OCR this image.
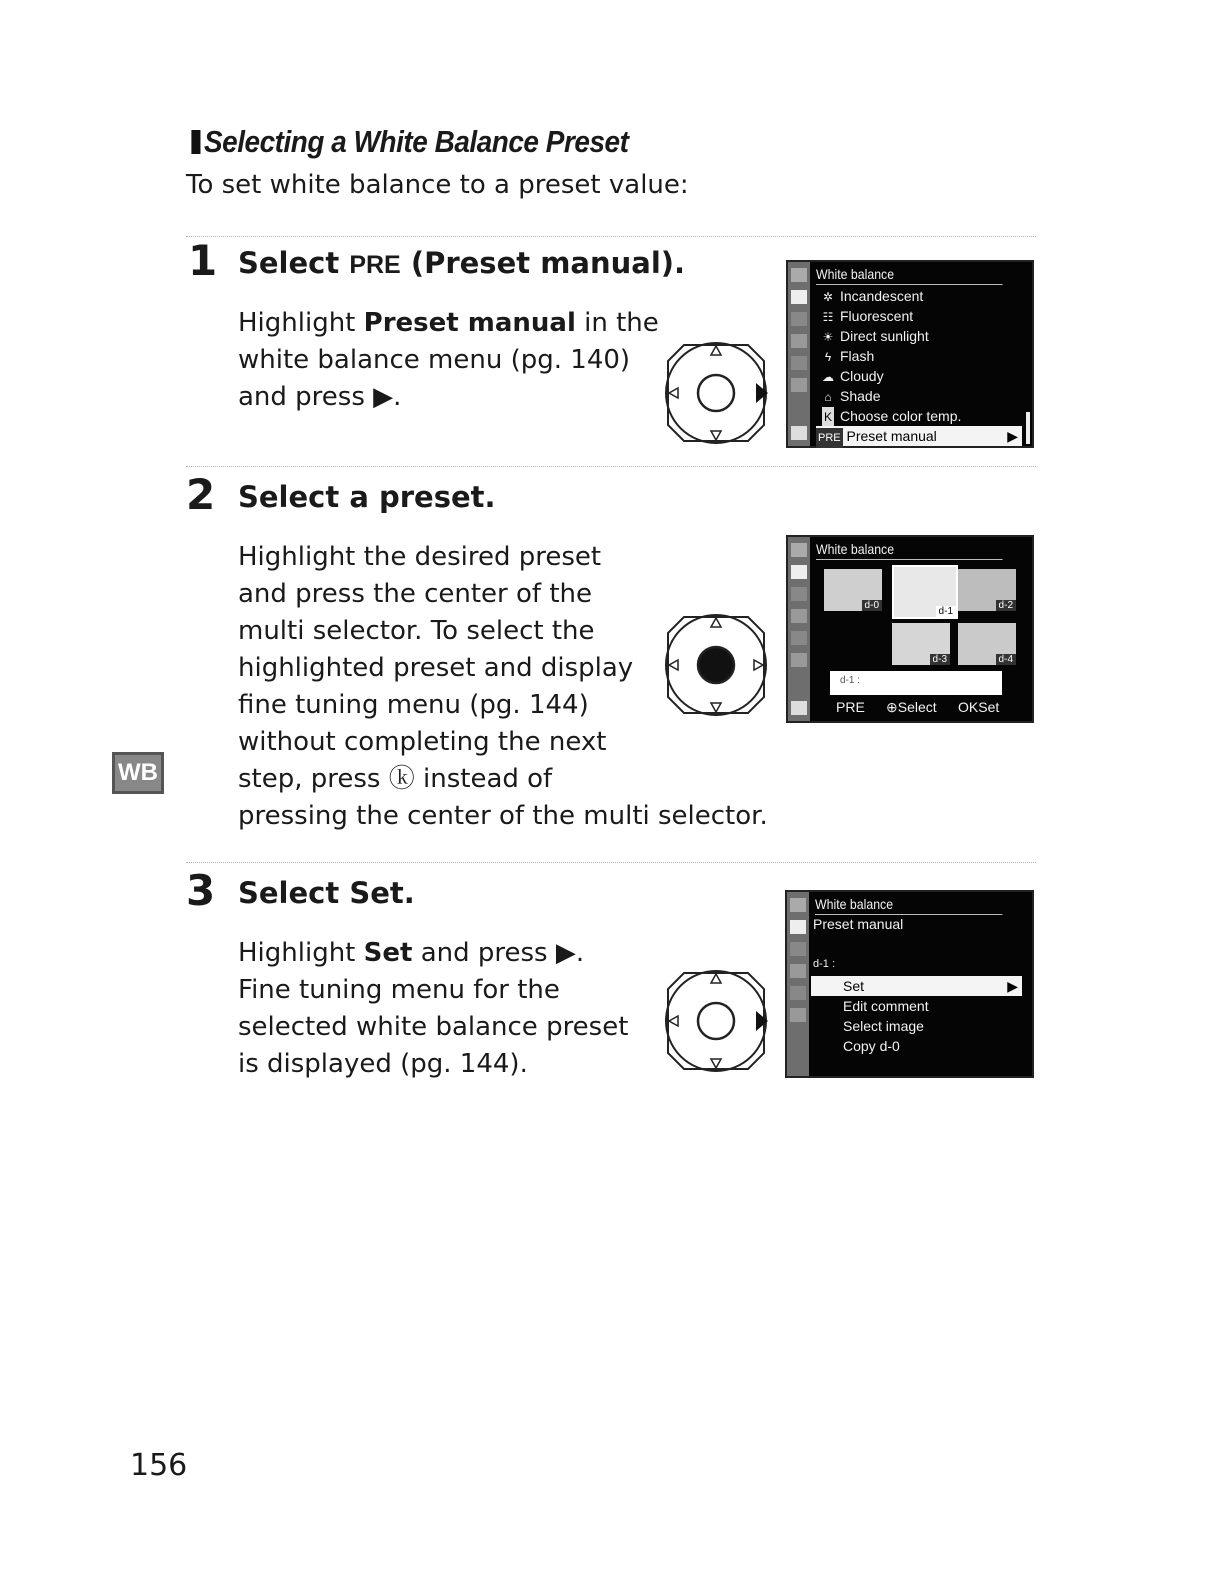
Selecting a White Balance Preset
To set white balance to a preset value:
1 Select PRE (Preset manual).

Highlight Preset manual in the

white balance menu (pg. 140)

and press ▶.

White balance
✲ Incandescent
☷ Fluorescent
☀ Direct sunlight
ϟ Flash
☁ Cloudy
⌂ Shade
K Choose color temp.
PRE Preset manual	▶
2 Select a preset.

Highlight the desired preset

and press the center of the

multi selector. To select the

highlighted preset and display

fine tuning menu (pg. 144)

without completing the next

step, press ⓚ instead of

pressing the center of the multi selector.

White balance
d-0
d-1
d-2
d-3	d-4
d-1 :
PRE ⊕Select OKSet
WB
3 Select Set.

Highlight Set and press ▶.

Fine tuning menu for the

selected white balance preset

is displayed (pg. 144).

White balance
Preset manual
d-1 :
Set	▶
Edit comment
Select image
Copy d-0
156
